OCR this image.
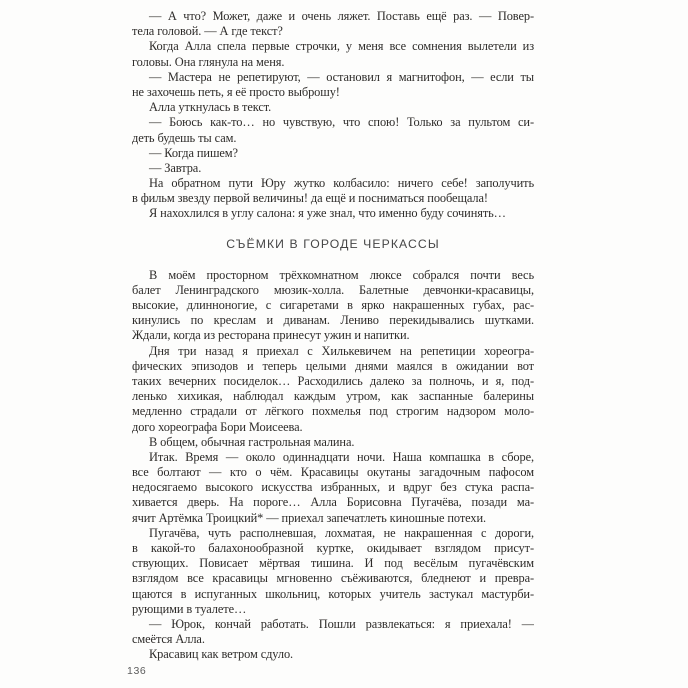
— А что? Может, даже и очень ляжет. Поставь ещё раз. — Повер-
тела головой. — А где текст?

Когда Алла спела первые строчки, у меня все сомнения вылетели из
головы. Она глянула на меня.

— Мастера не репетируют, — остановил я магнитофон, — если ты
не захочешь петь, я её просто выброшу!

Алла уткнулась в текст.

— Боюсь как-то… но чувствую, что спою! Только за пультом си-
деть будешь ты сам.

— Когда пишем?

— Завтра.

На обратном пути Юру жутко колбасило: ничего себе! заполучить
в фильм звезду первой величины! да ещё и посниматься пообещала!

Я нахохлился в углу салона: я уже знал, что именно буду сочинять…

СЪЁМКИ В ГОРОДЕ ЧЕРКАССЫ

В моём просторном трёхкомнатном люксе собрался почти весь
балет Ленинградского мюзик-холла. Балетные девчонки-красавицы,
высокие, длинноногие, с сигаретами в ярко накрашенных губах, рас-
кинулись по креслам и диванам. Лениво перекидывались шутками.
Ждали, когда из ресторана принесут ужин и напитки.

Дня три назад я приехал с Хилькевичем на репетиции хореогра-
фических эпизодов и теперь целыми днями маялся в ожидании вот
таких вечерних посиделок… Расходились далеко за полночь, и я, под-
ленько хихикая, наблюдал каждым утром, как заспанные балерины
медленно страдали от лёгкого похмелья под строгим надзором моло-
дого хореографа Бори Моисеева.

В общем, обычная гастрольная малина.

Итак. Время — около одиннадцати ночи. Наша компашка в сборе,
все болтают — кто о чём. Красавицы окутаны загадочным пафосом
недосягаемо высокого искусства избранных, и вдруг без стука распа-
хивается дверь. На пороге… Алла Борисовна Пугачёва, позади ма-
ячит Артёмка Троицкий* — приехал запечатлеть киношные потехи.

Пугачёва, чуть располневшая, лохматая, не накрашенная с дороги,
в какой-то балахонообразной куртке, окидывает взглядом присут-
ствующих. Повисает мёртвая тишина. И под весёлым пугачёвским
взглядом все красавицы мгновенно съёживаются, бледнеют и превра-
щаются в испуганных школьниц, которых учитель застукал мастурби-
рующими в туалете…

— Юрок, кончай работать. Пошли развлекаться: я приехала! —
смеётся Алла.

Красавиц как ветром сдуло.

136
